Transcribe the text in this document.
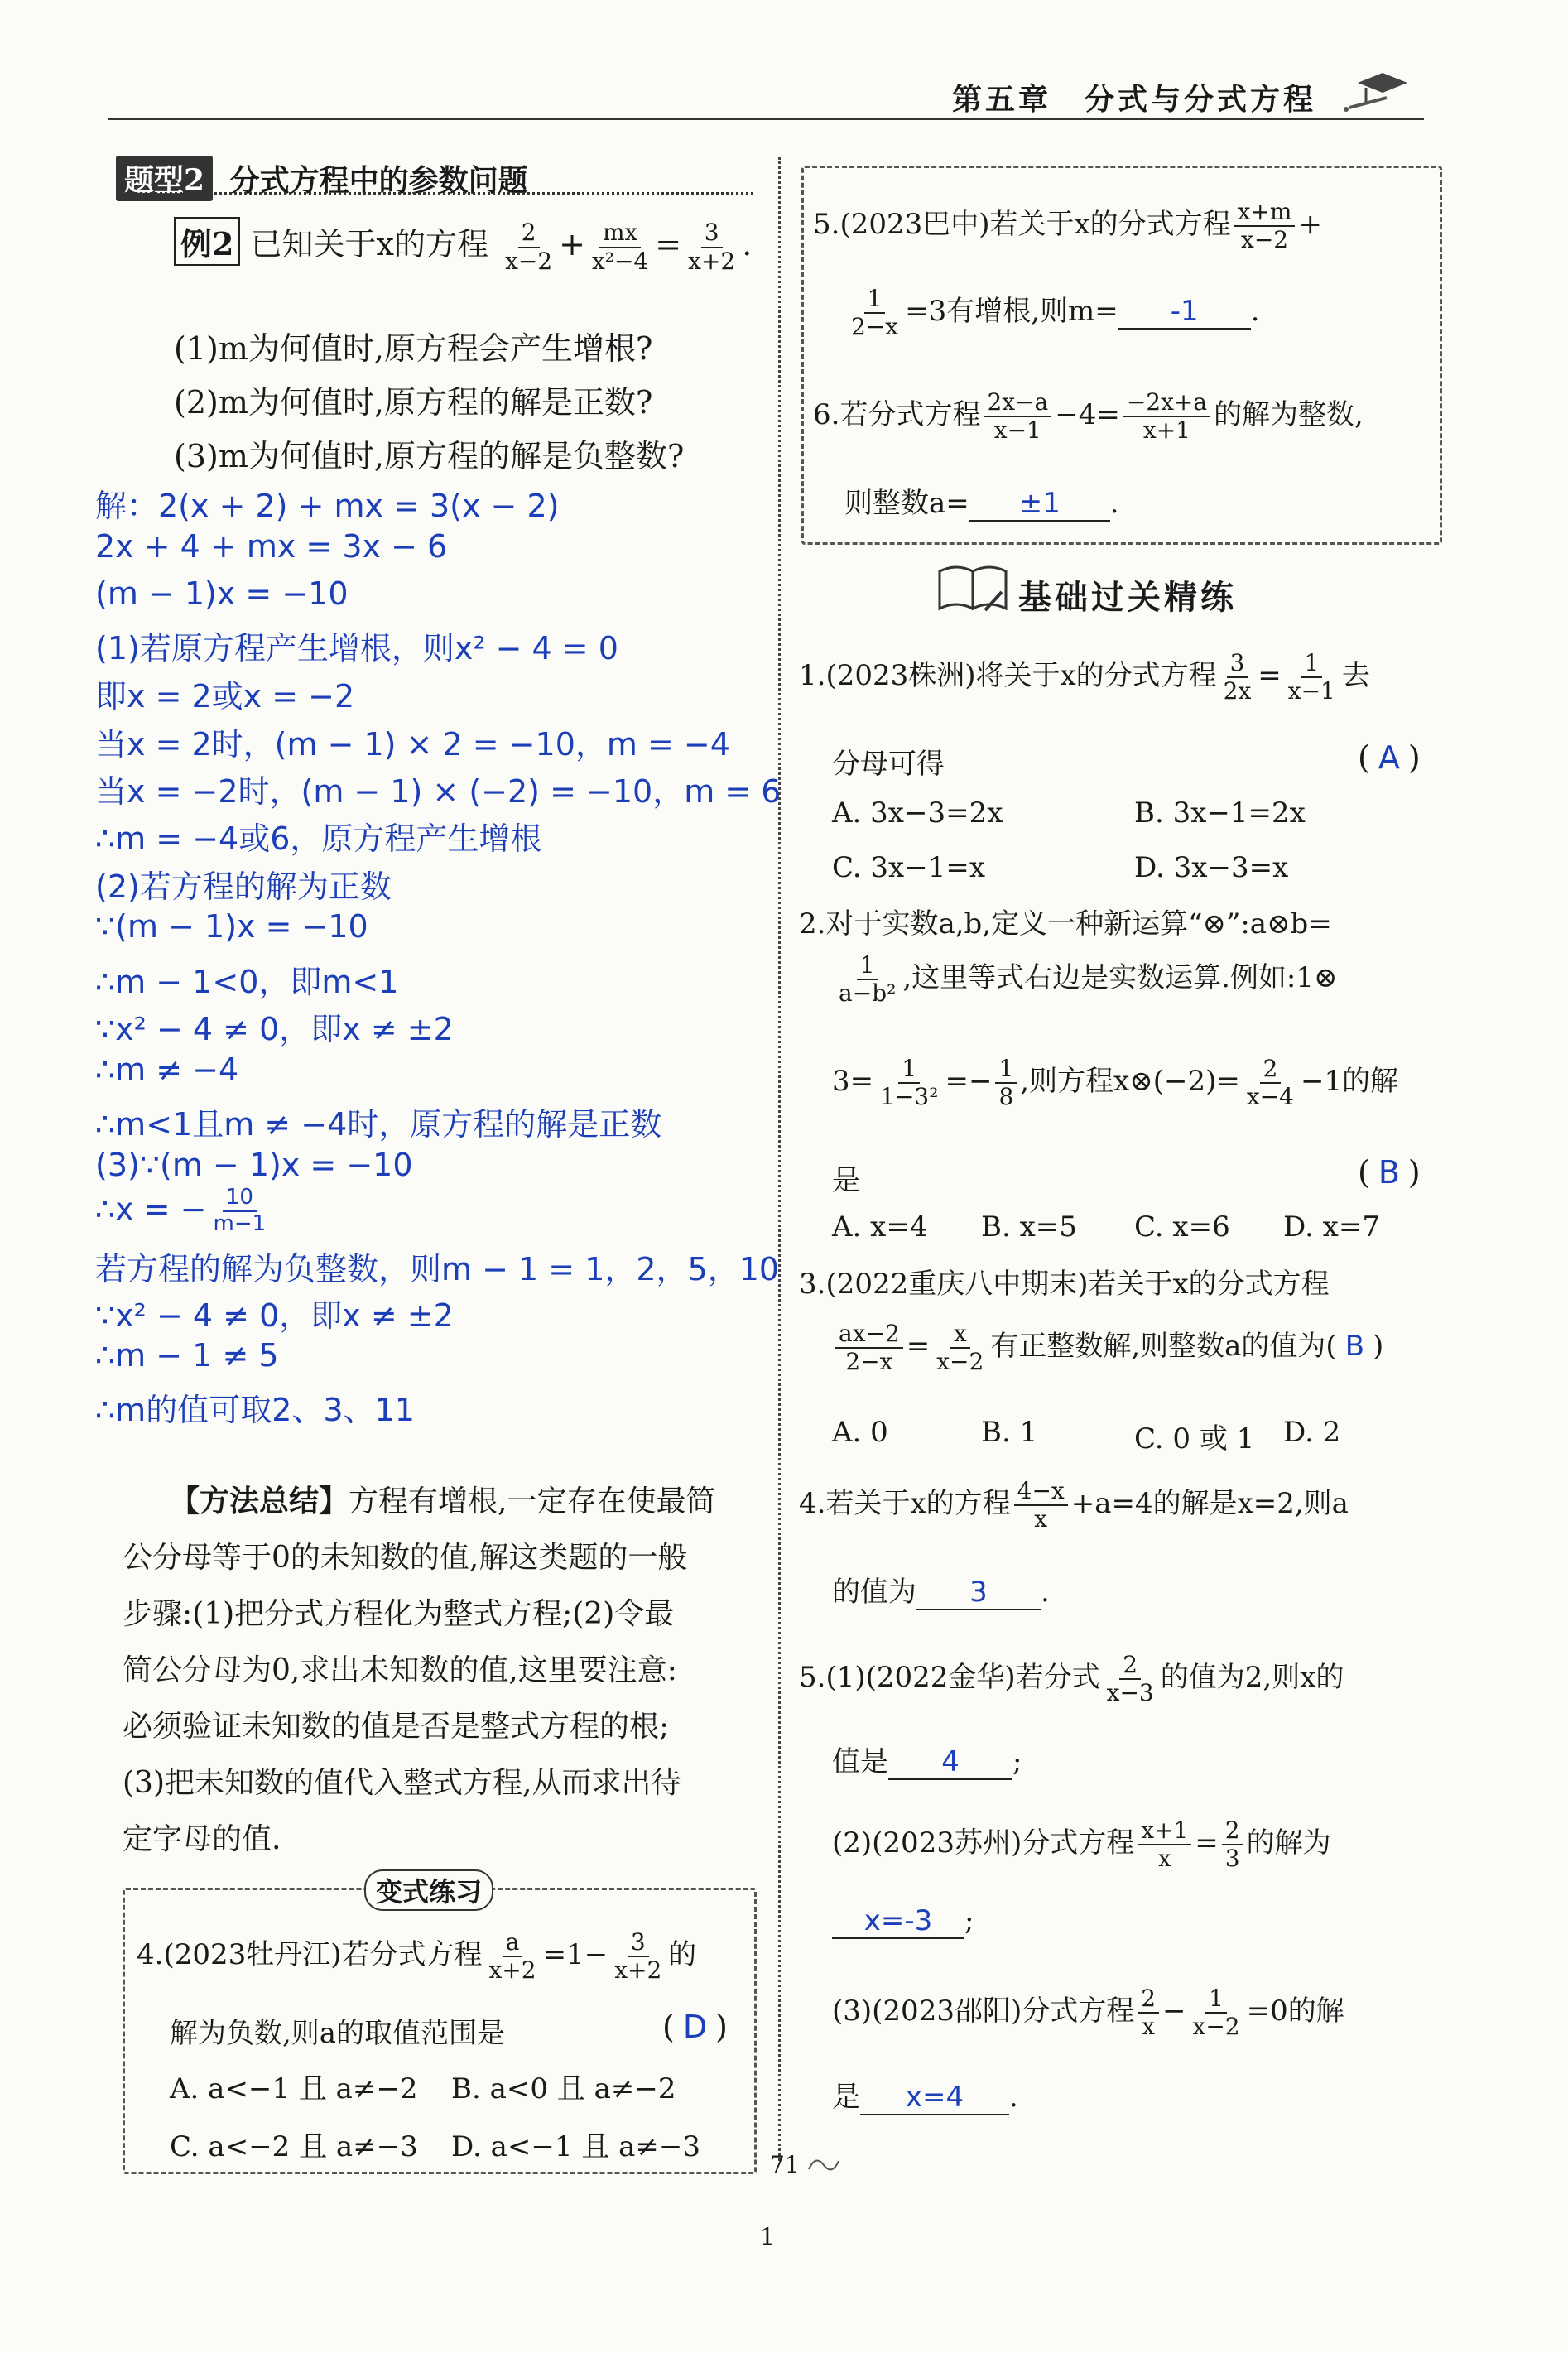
第五章　分式与分式方程
题型2 分式方程中的参数问题
例2 已知关于x的方程 $\frac{2}{x-2} + \frac{mx}{\text{x²−4}} = \frac{3}{x+2}$ .
(1)m为何值时,原方程会产生增根?
(2)m为何值时,原方程的解是正数?
(3)m为何值时,原方程的解是负整数?
解：2(x + 2) + mx = 3(x − 2)
2x + 4 + mx = 3x − 6
(m − 1)x = −10
(1)若原方程产生增根，则x² − 4 = 0
即x = 2或x = −2
当x = 2时，(m − 1) × 2 = −10，m = −4
当x = −2时，(m − 1) × (−2) = −10，m = 6
∴m = −4或6，原方程产生增根
(2)若方程的解为正数
∵(m − 1)x = −10
∴m − 1<0，即m<1
∵x² − 4 ≠ 0，即x ≠ ±2
∴m ≠ −4
∴m<1且m ≠ −4时，原方程的解是正数
(3)∵(m − 1)x = −10
∴x = − $\frac{10}{m-1}$
若方程的解为负整数，则m − 1 = 1，2，5，10
∵x² − 4 ≠ 0，即x ≠ ±2
∴m − 1 ≠ 5
∴m的值可取2、3、11
【方法总结】方程有增根,一定存在使最简
公分母等于0的未知数的值,解这类题的一般
步骤:(1)把分式方程化为整式方程;(2)令最
简公分母为0,求出未知数的值,这里要注意:
必须验证未知数的值是否是整式方程的根;
(3)把未知数的值代入整式方程,从而求出待
定字母的值.
变式练习
4.(2023牡丹江)若分式方程 $\frac{a}{x+2} =1- \frac{3}{x+2}$ 的
解为负数,则a的取值范围是	( D )
A. a<−1 且 a≠−2 B. a<0 且 a≠−2
C. a<−2 且 a≠−3 D. a<−1 且 a≠−3
5.(2023巴中)若关于x的分式方程 $\frac{x+m}{x-2}$ +
$\frac{1}{2-x} =3$有增根,则m= -1 .
6.若分式方程 $\frac{2x-a}{x-1} -4= \frac{-2x+a}{x+1}$ 的解为整数,
则整数a= ±1 .
基础过关精练
1.(2023株洲)将关于x的分式方程 $\frac{3}{2x} = \frac{1}{x-1}$ 去
分母可得	( A )
A. 3x−3=2x	B. 3x−1=2x
C. 3x−1=x	D. 3x−3=x
2.对于实数a,b,定义一种新运算“⊗”:a⊗b=
$\frac{1}{\text{a−b²}}$ ,这里等式右边是实数运算.例如:1⊗
$3= \frac{1}{\text{1−3²}} =- \frac{1}{8}$ ,则方程x⊗(−2)= $\frac{2}{x-4} -1$的解
是	( B )
A. x=4 B. x=5 C. x=6 D. x=7
3.(2022重庆八中期末)若关于x的分式方程
$\frac{ax-2}{2-x} = \frac{x}{x-2}$ 有正整数解,则整数a的值为( B )
A. 0	B. 1	C. 0 或 1 D. 2
4.若关于x的方程 $\frac{4-x}{x} +a=4$的解是x=2,则a
的值为 3 .
5.(1)(2022金华)若分式 $\frac{2}{x-3}$ 的值为2,则x的
值是 4 ;
(2)(2023苏州)分式方程 $\frac{x+1}{x} = \frac{2}{3}$ 的解为
x=-3 ;
(3)(2023邵阳)分式方程 $\frac{2}{x} - \frac{1}{x-2} =0$的解
是 x=4 .
71
1
